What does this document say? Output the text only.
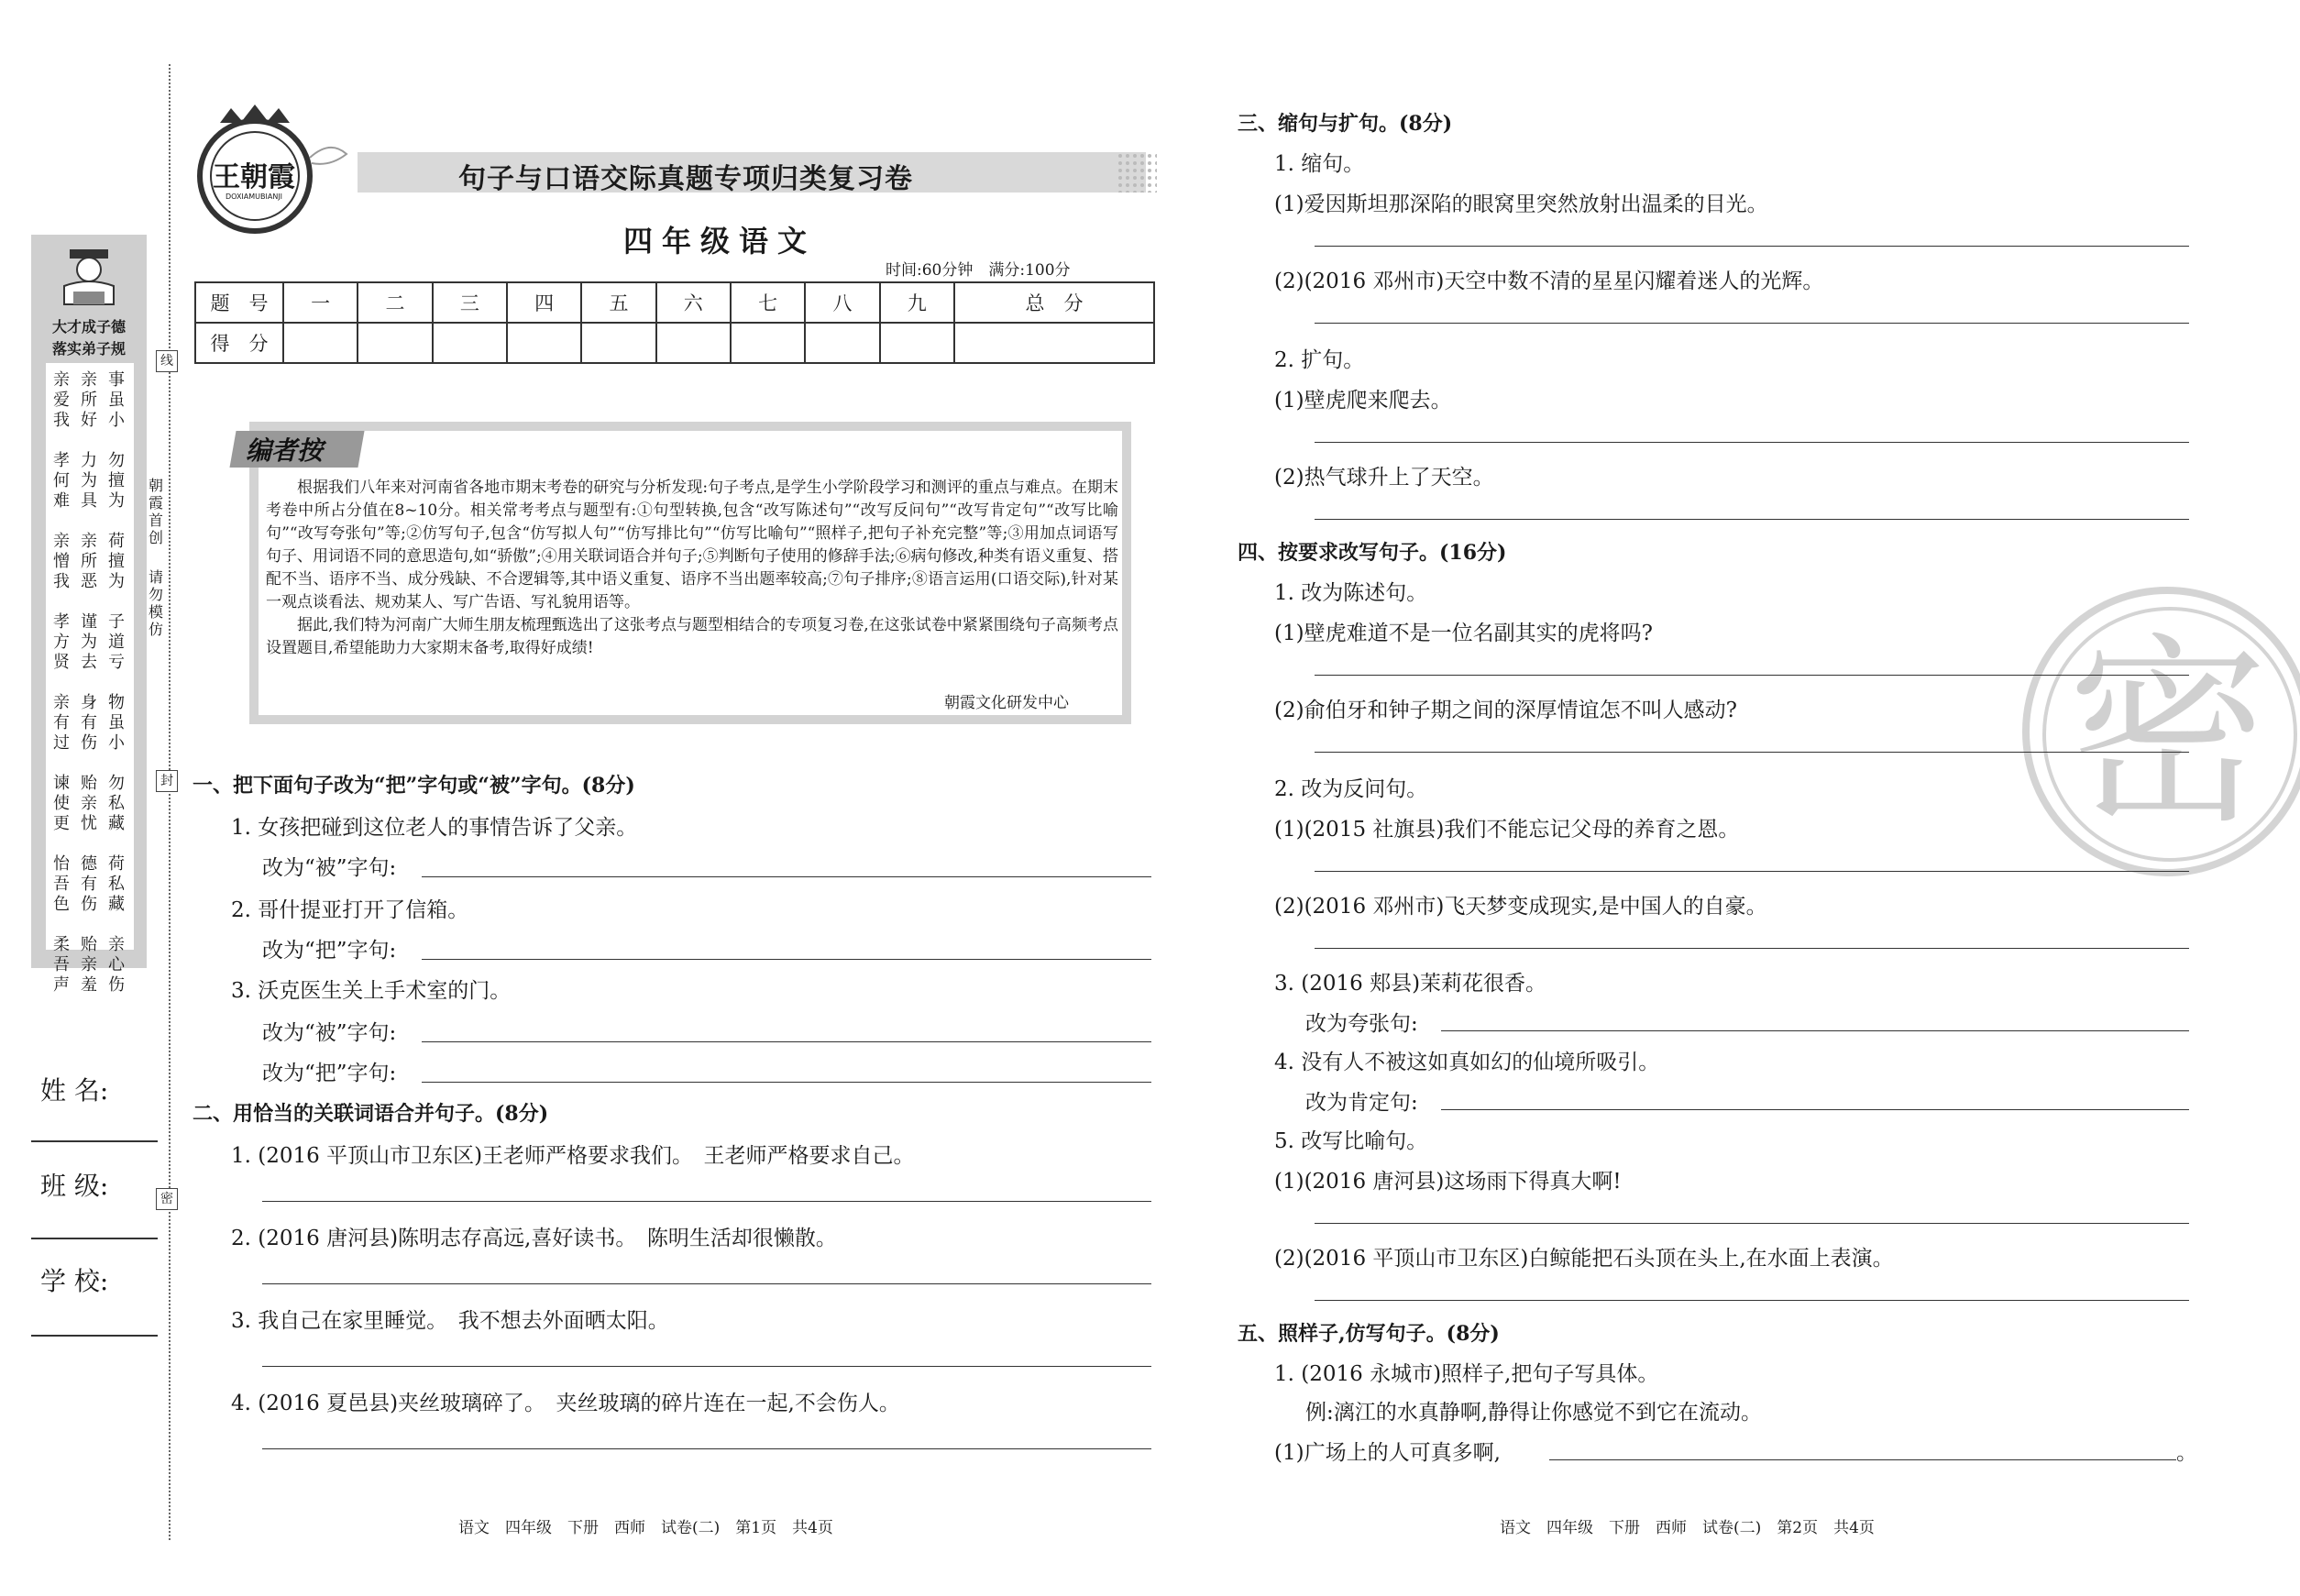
线
封
密
朝霞首创
请勿模仿
大才成子德
落实弟子规
亲爱我
孝何难
亲憎我
孝方贤
亲有过
谏使更
怡吾色
柔吾声
亲所好
力为具
亲所恶
谨为去
身有伤
贻亲忧
德有伤
贻亲羞
事虽小
勿擅为
荷擅为
子道亏
物虽小
勿私藏
荷私藏
亲心伤
姓 名:
班 级:
学 校:
王朝霞
DOXIAMUBIANJI
句子与口语交际真题专项归类复习卷
四年级语文
时间:60分钟　满分:100分
题　号	一	二	三	四	五	六	七	八	九	总　分
得　分										
编者按

根据我们八年来对河南省各地市期末考卷的研究与分析发现:句子考点,是学生小学阶段学习和测评的重点与难点。在期末考卷中所占分值在8~10分。相关常考考点与题型有:①句型转换,包含“改写陈述句”“改写反问句”“改写肯定句”“改写比喻句”“改写夸张句”等;②仿写句子,包含“仿写拟人句”“仿写排比句”“仿写比喻句”“照样子,把句子补充完整”等;③用加点词语写句子、用词语不同的意思造句,如“骄傲”;④用关联词语合并句子;⑤判断句子使用的修辞手法;⑥病句修改,种类有语义重复、搭配不当、语序不当、成分残缺、不合逻辑等,其中语义重复、语序不当出题率较高;⑦句子排序;⑧语言运用(口语交际),针对某一观点谈看法、规劝某人、写广告语、写礼貌用语等。

据此,我们特为河南广大师生朋友梳理甄选出了这张考点与题型相结合的专项复习卷,在这张试卷中紧紧围绕句子高频考点设置题目,希望能助力大家期末备考,取得好成绩!

朝霞文化研发中心
一、把下面句子改为“把”字句或“被”字句。(8分)
1. 女孩把碰到这位老人的事情告诉了父亲。
改为“被”字句:
2. 哥什提亚打开了信箱。
改为“把”字句:
3. 沃克医生关上手术室的门。
改为“被”字句:
改为“把”字句:
二、用恰当的关联词语合并句子。(8分)
1. (2016 平顶山市卫东区)王老师严格要求我们。　王老师严格要求自己。
2. (2016 唐河县)陈明志存高远,喜好读书。　陈明生活却很懒散。
3. 我自己在家里睡觉。　我不想去外面晒太阳。
4. (2016 夏邑县)夹丝玻璃碎了。　夹丝玻璃的碎片连在一起,不会伤人。
语文　四年级　下册　西师　试卷(二)　第1页　共4页
密
三、缩句与扩句。(8分)
1. 缩句。
(1)爱因斯坦那深陷的眼窝里突然放射出温柔的目光。
(2)(2016 邓州市)天空中数不清的星星闪耀着迷人的光辉。
2. 扩句。
(1)壁虎爬来爬去。
(2)热气球升上了天空。
四、按要求改写句子。(16分)
1. 改为陈述句。
(1)壁虎难道不是一位名副其实的虎将吗?
(2)俞伯牙和钟子期之间的深厚情谊怎不叫人感动?
2. 改为反问句。
(1)(2015 社旗县)我们不能忘记父母的养育之恩。
(2)(2016 邓州市)飞天梦变成现实,是中国人的自豪。
3. (2016 郏县)茉莉花很香。
改为夸张句:
4. 没有人不被这如真如幻的仙境所吸引。
改为肯定句:
5. 改写比喻句。
(1)(2016 唐河县)这场雨下得真大啊!
(2)(2016 平顶山市卫东区)白鲸能把石头顶在头上,在水面上表演。
五、照样子,仿写句子。(8分)
1. (2016 永城市)照样子,把句子写具体。
例:漓江的水真静啊,静得让你感觉不到它在流动。
(1)广场上的人可真多啊,	。
语文　四年级　下册　西师　试卷(二)　第2页　共4页
